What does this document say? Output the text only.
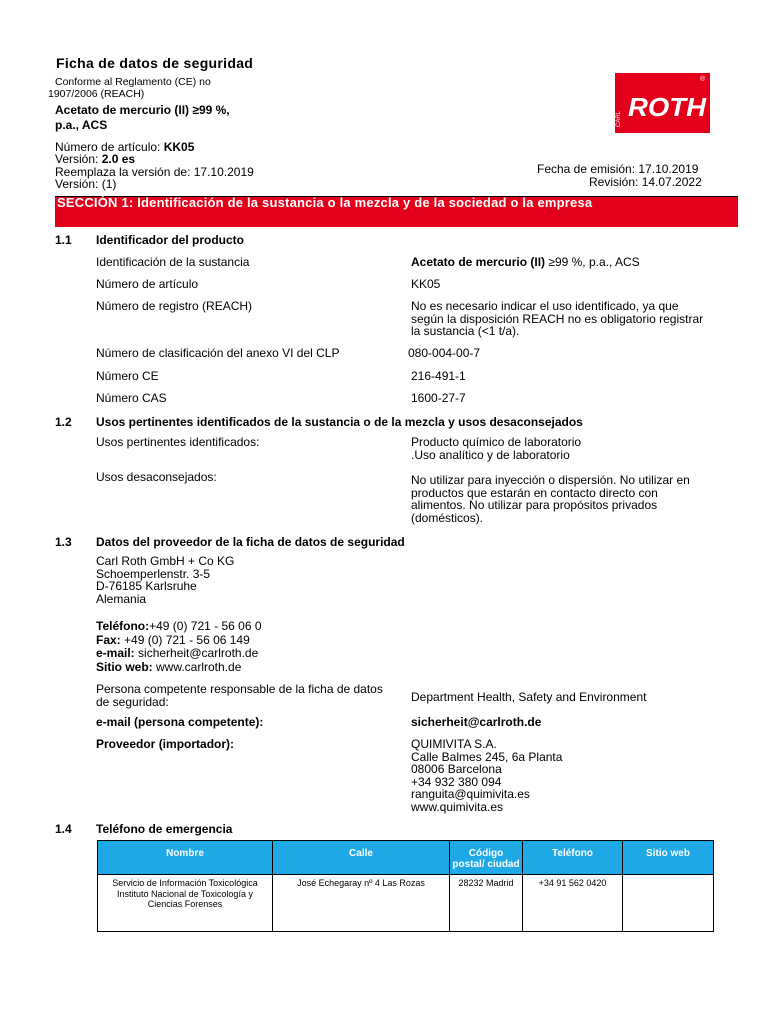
Ficha de datos de seguridad
Conforme al Reglamento (CE) no
1907/2006 (REACH)
Acetato de mercurio (II) ≥99 %,
p.a., ACS
Número de artículo: KK05
Versión: 2.0 es
Reemplaza la versión de: 17.10.2019
Versión: (1)
Fecha de emisión: 17.10.2019
Revisión: 14.07.2022
CARL ROTH
®
SECCIÓN 1: Identificación de la sustancia o la mezcla y de la sociedad o la empresa
1.1 Identificador del producto
Identificación de la sustancia	Acetato de mercurio (II) ≥99 %, p.a., ACS
Número de artículo	KK05
Número de registro (REACH)	No es necesario indicar el uso identificado, ya que según la disposición REACH no es obligatorio registrar la sustancia (<1 t/a).
Número de clasificación del anexo VI del CLP	080-004-00-7
Número CE	216-491-1
Número CAS	1600-27-7
1.2 Usos pertinentes identificados de la sustancia o de la mezcla y usos desaconsejados
Usos pertinentes identificados:	Producto químico de laboratorio
.Uso analítico y de laboratorio
Usos desaconsejados:	No utilizar para inyección o dispersión. No utilizar en productos que estarán en contacto directo con alimentos. No utilizar para propósitos privados (domésticos).
1.3 Datos del proveedor de la ficha de datos de seguridad
Carl Roth GmbH + Co KG
Schoemperlenstr. 3-5
D-76185 Karlsruhe
Alemania
Teléfono:+49 (0) 721 - 56 06 0
Fax: +49 (0) 721 - 56 06 149
e-mail: sicherheit@carlroth.de
Sitio web: www.carlroth.de
Persona competente responsable de la ficha de datos de seguridad:	Department Health, Safety and Environment
e-mail (persona competente):	sicherheit@carlroth.de
Proveedor (importador):	QUIMIVITA S.A.
Calle Balmes 245, 6a Planta
08006 Barcelona
+34 932 380 094
ranguita@quimivita.es
www.quimivita.es
1.4 Teléfono de emergencia
Nombre	Calle	Código postal/ ciudad	Teléfono	Sitio web
Servicio de Información Toxicológica Instituto Nacional de Toxicología y Ciencias Forenses	José Echegaray nº 4 Las Rozas	28232 Madrid	+34 91 562 0420	
